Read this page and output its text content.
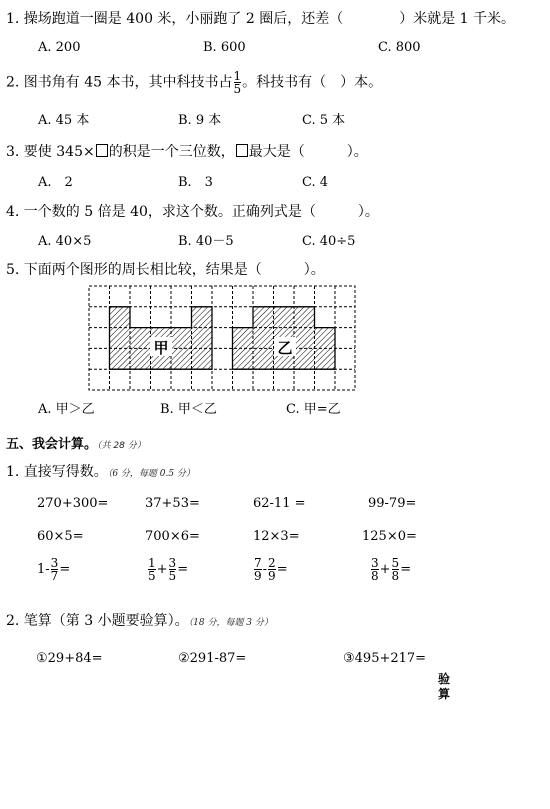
1. 操场跑道一圈是 400 米，小丽跑了 2 圈后，还差（　　　　）米就是 1 千米。
A. 200	B. 600	C. 800
2. 图书角有 45 本书，其中科技书占 $\frac{1}{5}$ 。科技书有（　）本。
A. 45 本	B. 9 本	C. 5 本
3. 要使 345× 的积是一个三位数， 最大是（　　　）。
A.　2	B.　3	C. 4
4. 一个数的 5 倍是 40，求这个数。正确列式是（　　　）。
A. 40×5	B. 40－5	C. 40÷5
5. 下面两个图形的周长相比较，结果是（　　　）。
甲	乙
A. 甲＞乙	B. 甲＜乙	C. 甲=乙
五、我会计算。（共 28 分）
1. 直接写得数。（6 分，每题 0.5 分）
270+300=	37+53=	62-11 =	99-79=
60×5=	700×6=	12×3=	125×0=
$1- \frac{3}{7}$ =	$\frac{1}{5} + \frac{3}{5}$ =	$\frac{7}{9} - \frac{2}{9}$ =	$\frac{3}{8} + \frac{5}{8}$ =
2. 笔算（第 3 小题要验算）。（18 分，每题 3 分）
①29+84=	②291-87=	③495+217=
验算
